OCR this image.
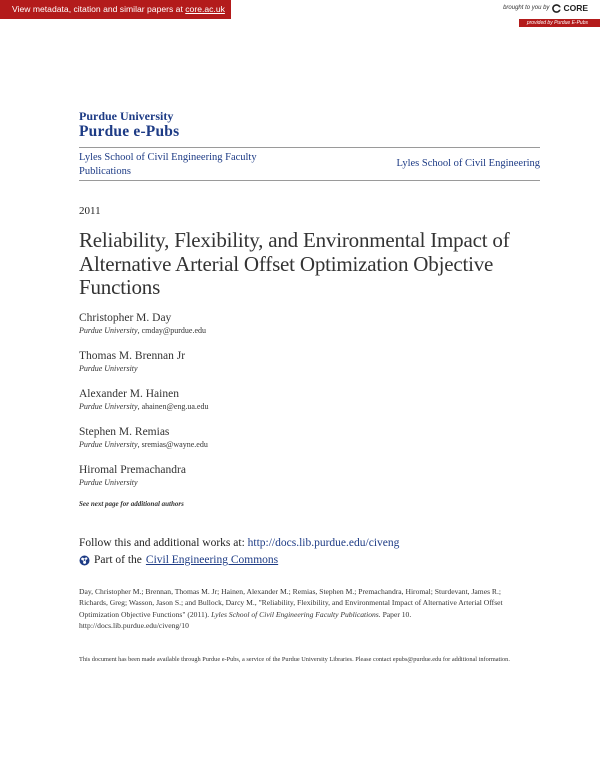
View metadata, citation and similar papers at core.ac.uk	brought to you by CORE
provided by Purdue E-Pubs
Purdue University
Purdue e-Pubs
Lyles School of Civil Engineering Faculty Publications
Lyles School of Civil Engineering
2011
Reliability, Flexibility, and Environmental Impact of Alternative Arterial Offset Optimization Objective Functions
Christopher M. Day
Purdue University, cmday@purdue.edu
Thomas M. Brennan Jr
Purdue University
Alexander M. Hainen
Purdue University, ahainen@eng.ua.edu
Stephen M. Remias
Purdue University, sremias@wayne.edu
Hiromal Premachandra
Purdue University
See next page for additional authors
Follow this and additional works at: http://docs.lib.purdue.edu/civeng
Part of the Civil Engineering Commons
Day, Christopher M.; Brennan, Thomas M. Jr; Hainen, Alexander M.; Remias, Stephen M.; Premachandra, Hiromal; Sturdevant, James R.; Richards, Greg; Wasson, Jason S.; and Bullock, Darcy M., "Reliability, Flexibility, and Environmental Impact of Alternative Arterial Offset Optimization Objective Functions" (2011). Lyles School of Civil Engineering Faculty Publications. Paper 10.
http://docs.lib.purdue.edu/civeng/10
This document has been made available through Purdue e-Pubs, a service of the Purdue University Libraries. Please contact epubs@purdue.edu for additional information.
